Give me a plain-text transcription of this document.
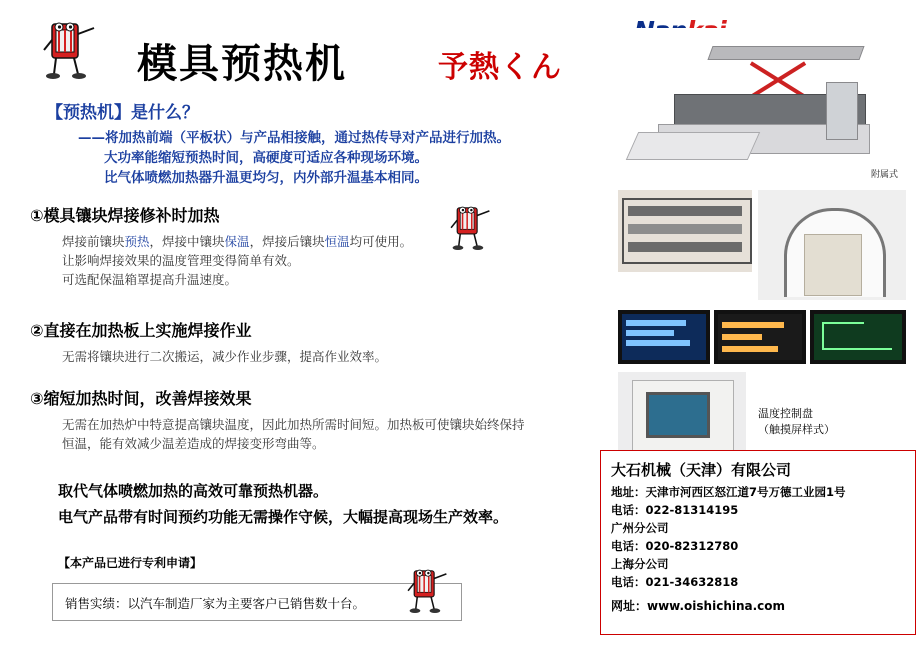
模具预热机	予熱くん
【预热机】是什么？
——将加热前端（平板状）与产品相接触，通过热传导对产品进行加热。
大功率能缩短预热时间，高硬度可适应各种现场环境。
比气体喷燃加热器升温更均匀，内外部升温基本相同。
①模具镶块焊接修补时加热
焊接前镶块预热，焊接中镶块保温，焊接后镶块恒温均可使用。
让影响焊接效果的温度管理变得简单有效。
可选配保温箱罩提高升温速度。
②直接在加热板上实施焊接作业
无需将镶块进行二次搬运，减少作业步骤，提高作业效率。
③缩短加热时间，改善焊接效果
无需在加热炉中特意提高镶块温度，因此加热所需时间短。加热板可使镶块始终保持
恒温，能有效减少温差造成的焊接变形弯曲等。
取代气体喷燃加热的高效可靠预热机器。
电气产品带有时间预约功能无需操作守候，大幅提高现场生产效率。
【本产品已进行专利申请】
销售实绩：以汽车制造厂家为主要客户已销售数十台。
附属式
温度控制盘
（触摸屏样式）
大石机械（天津）有限公司
地址：天津市河西区怒江道7号万德工业园1号
电话：022-81314195
广州分公司
电话：020-82312780
上海分公司
电话：021-34632818
网址：www.oishichina.com
